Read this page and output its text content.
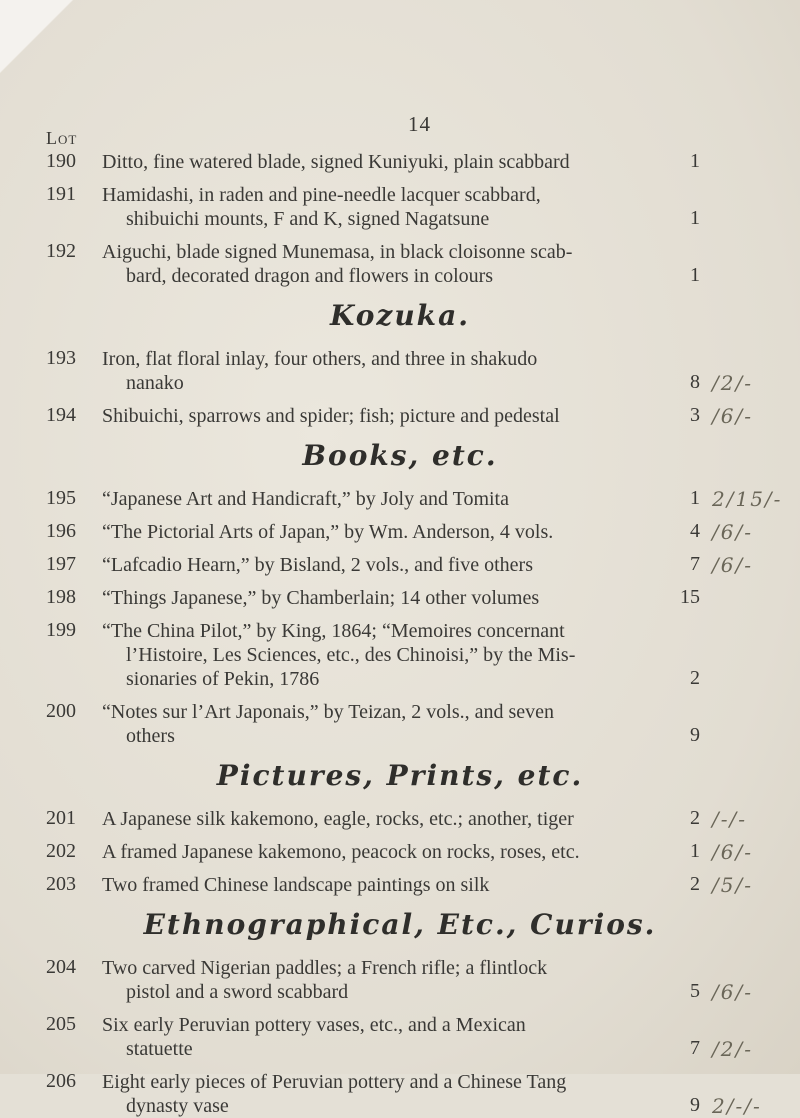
14
Lot
190	Ditto, fine watered blade, signed Kuniyuki, plain scabbard	1
191	Hamidashi, in raden and pine-needle lacquer scabbard,
shibuichi mounts, F and K, signed Nagatsune	1
192	Aiguchi, blade signed Munemasa, in black cloisonne scab-
bard, decorated dragon and flowers in colours	1
Kozuka.
193	Iron, flat floral inlay, four others, and three in shakudo
nanako	8 /2/-
194	Shibuichi, sparrows and spider; fish; picture and pedestal	3 /6/-
Books, etc.
195	“Japanese Art and Handicraft,” by Joly and Tomita	1 2/15/-
196	“The Pictorial Arts of Japan,” by Wm. Anderson, 4 vols.	4 /6/-
197	“Lafcadio Hearn,” by Bisland, 2 vols., and five others	7 /6/-
198	“Things Japanese,” by Chamberlain; 14 other volumes	15
199	“The China Pilot,” by King, 1864; “Memoires concernant
l’Histoire, Les Sciences, etc., des Chinoisi,” by the Mis-
sionaries of Pekin, 1786	2
200	“Notes sur l’Art Japonais,” by Teizan, 2 vols., and seven
others	9
Pictures, Prints, etc.
201	A Japanese silk kakemono, eagle, rocks, etc.; another, tiger	2 /-/-
202	A framed Japanese kakemono, peacock on rocks, roses, etc.	1 /6/-
203	Two framed Chinese landscape paintings on silk	2 /5/-
Ethnographical, Etc., Curios.
204	Two carved Nigerian paddles; a French rifle; a flintlock
pistol and a sword scabbard	5 /6/-
205	Six early Peruvian pottery vases, etc., and a Mexican
statuette	7 /2/-
206	Eight early pieces of Peruvian pottery and a Chinese Tang
dynasty vase	9 2/-/-
